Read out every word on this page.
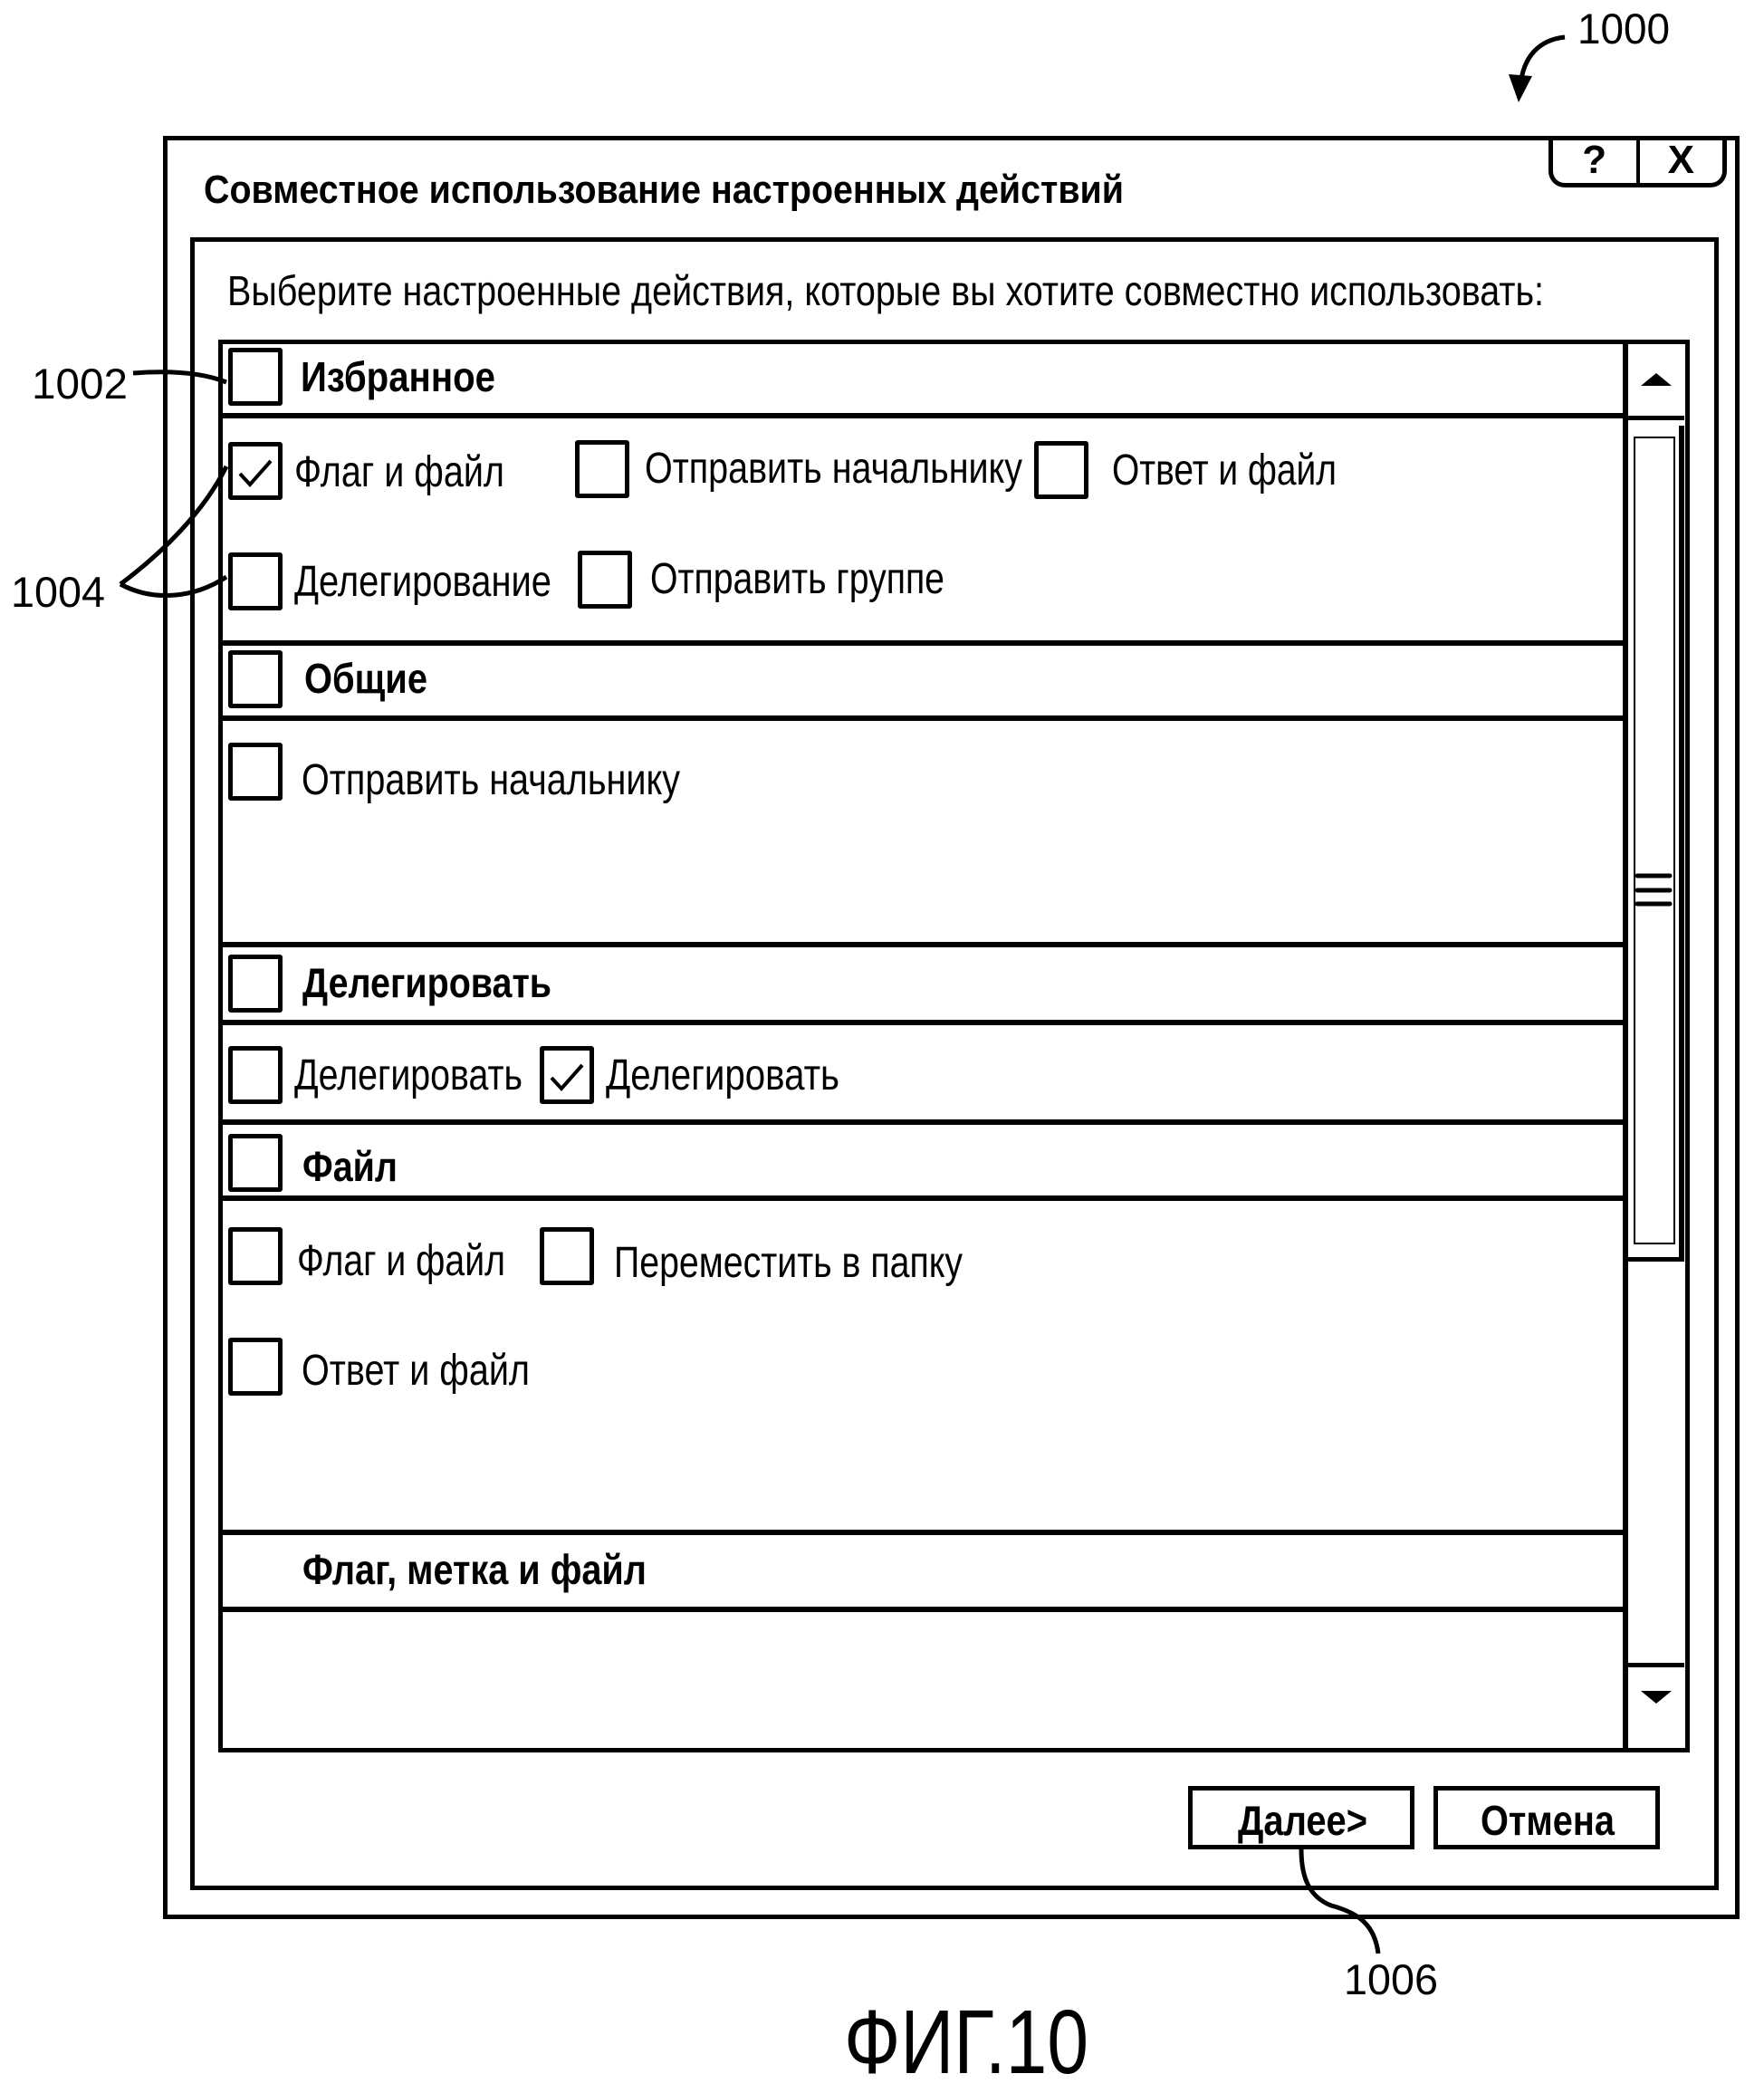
1000
1002
1004
1006
? X
Совместное использование настроенных действий
Выберите настроенные действия, которые вы хотите совместно использовать:
Избранное
Флаг и файл	Отправить начальнику Ответ и файл
Делегирование Отправить группе
Общие
Отправить начальнику
Делегировать
Делегировать Делегировать
Файл
Флаг и файл	Переместить в папку
Ответ и файл
Флаг, метка и файл
Далее>	Отмена
ФИГ.10
